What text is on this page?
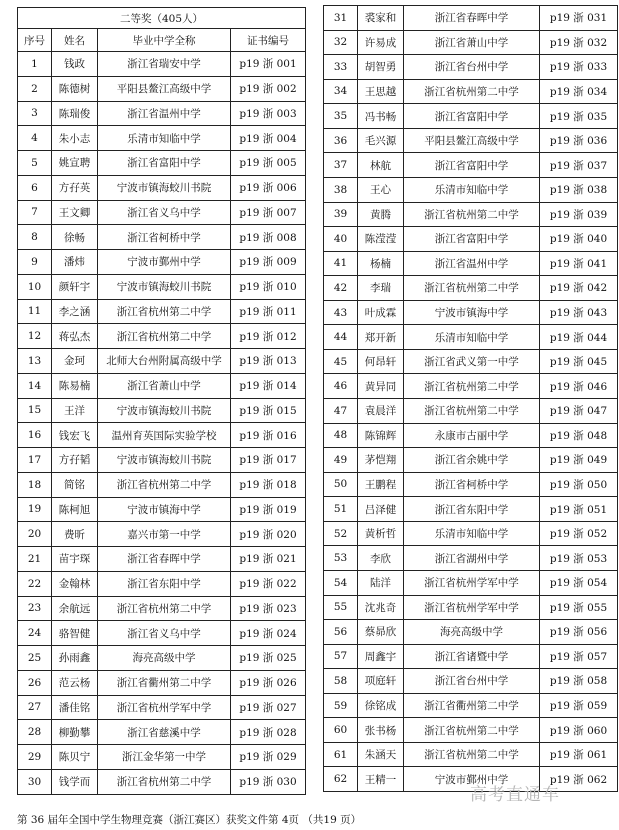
二等奖（405人）			
序号	姓名	毕业中学全称	证书编号
1	钱政	浙江省瑞安中学	p19 浙 001
2	陈德树	平阳县鳌江高级中学	p19 浙 002
3	陈瑞俊	浙江省温州中学	p19 浙 003
4	朱小志	乐清市知临中学	p19 浙 004
5	姚宣聘	浙江省富阳中学	p19 浙 005
6	方孖英	宁波市镇海蛟川书院	p19 浙 006
7	王文卿	浙江省义乌中学	p19 浙 007
8	徐畅	浙江省柯桥中学	p19 浙 008
9	潘炜	宁波市鄞州中学	p19 浙 009
10	颜轩宇	宁波市镇海蛟川书院	p19 浙 010
11	李之涵	浙江省杭州第二中学	p19 浙 011
12	蒋弘杰	浙江省杭州第二中学	p19 浙 012
13	金珂	北师大台州附属高级中学	p19 浙 013
14	陈易楠	浙江省萧山中学	p19 浙 014
15	王洋	宁波市镇海蛟川书院	p19 浙 015
16	钱宏飞	温州育英国际实验学校	p19 浙 016
17	方孖韬	宁波市镇海蛟川书院	p19 浙 017
18	简铭	浙江省杭州第二中学	p19 浙 018
19	陈柯旭	宁波市镇海中学	p19 浙 019
20	费昕	嘉兴市第一中学	p19 浙 020
21	苗宇琛	浙江省春晖中学	p19 浙 021
22	金翰林	浙江省东阳中学	p19 浙 022
23	余航远	浙江省杭州第二中学	p19 浙 023
24	骆智健	浙江省义乌中学	p19 浙 024
25	孙雨鑫	海亮高级中学	p19 浙 025
26	范云杨	浙江省衢州第二中学	p19 浙 026
27	潘佳铭	浙江省杭州学军中学	p19 浙 027
28	柳勤攀	浙江省慈溪中学	p19 浙 028
29	陈贝宁	浙江金华第一中学	p19 浙 029
30	钱学而	浙江省杭州第二中学	p19 浙 030
31	裘家和	浙江省春晖中学	p19 浙 031
32	许易成	浙江省萧山中学	p19 浙 032
33	胡智勇	浙江省台州中学	p19 浙 033
34	王思越	浙江省杭州第二中学	p19 浙 034
35	冯书畅	浙江省富阳中学	p19 浙 035
36	毛兴源	平阳县鳌江高级中学	p19 浙 036
37	林航	浙江省富阳中学	p19 浙 037
38	王心	乐清市知临中学	p19 浙 038
39	黄腾	浙江省杭州第二中学	p19 浙 039
40	陈滢滢	浙江省富阳中学	p19 浙 040
41	杨楠	浙江省温州中学	p19 浙 041
42	李瑞	浙江省杭州第二中学	p19 浙 042
43	叶成霖	宁波市镇海中学	p19 浙 043
44	郑开新	乐清市知临中学	p19 浙 044
45	何昂轩	浙江省武义第一中学	p19 浙 045
46	黄异同	浙江省杭州第二中学	p19 浙 046
47	袁晨洋	浙江省杭州第二中学	p19 浙 047
48	陈锦辉	永康市古丽中学	p19 浙 048
49	茅恺翔	浙江省余姚中学	p19 浙 049
50	王鹏程	浙江省柯桥中学	p19 浙 050
51	吕泽健	浙江省东阳中学	p19 浙 051
52	黄析哲	乐清市知临中学	p19 浙 052
53	李欣	浙江省湖州中学	p19 浙 053
54	陆洋	浙江省杭州学军中学	p19 浙 054
55	沈兆奇	浙江省杭州学军中学	p19 浙 055
56	蔡昴欣	海亮高级中学	p19 浙 056
57	周鑫宇	浙江省诸暨中学	p19 浙 057
58	项庭轩	浙江省台州中学	p19 浙 058
59	徐铭成	浙江省衢州第二中学	p19 浙 059
60	张书杨	浙江省杭州第二中学	p19 浙 060
61	朱涵天	浙江省杭州第二中学	p19 浙 061
62	王精一	宁波市鄞州中学	p19 浙 062
第 36 届年全国中学生物理竞赛（浙江赛区）获奖文件第 4页 （共19 页）
高考直通车
